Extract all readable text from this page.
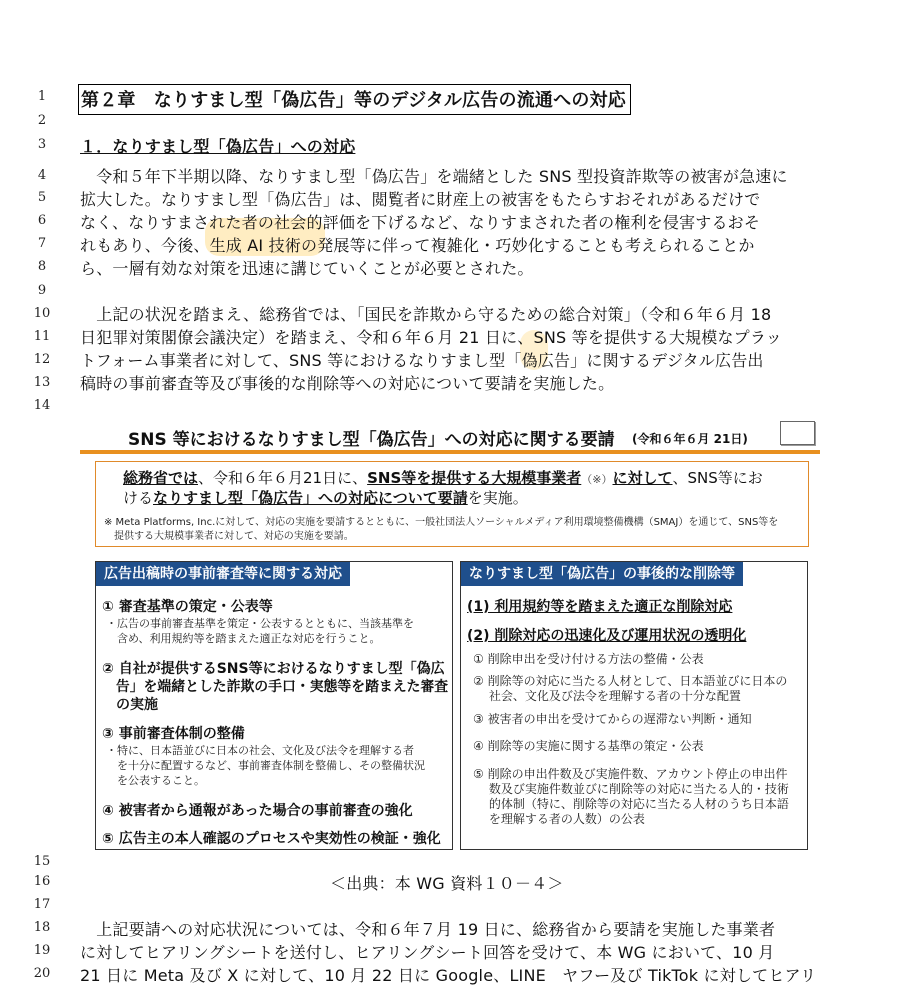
1
2
3
4
5
6
7
8
9
10
11
12
13
14
15
16
17
18
19
20
第２章　なりすまし型「偽広告」等のデジタル広告の流通への対応
１．なりすまし型「偽広告」への対応
　令和５年下半期以降、なりすまし型「偽広告」を端緒とした SNS 型投資詐欺等の被害が急速に
拡大した。なりすまし型「偽広告」は、閲覧者に財産上の被害をもたらすおそれがあるだけで
なく、なりすまされた者の社会的評価を下げるなど、なりすまされた者の権利を侵害するおそ
れもあり、今後、生成 AI 技術の発展等に伴って複雑化・巧妙化することも考えられることか
ら、一層有効な対策を迅速に講じていくことが必要とされた。
　上記の状況を踏まえ、総務省では、「国民を詐欺から守るための総合対策」（令和６年６月 18
日犯罪対策閣僚会議決定）を踏まえ、令和６年６月 21 日に、SNS 等を提供する大規模なプラッ
トフォーム事業者に対して、SNS 等におけるなりすまし型「偽広告」に関するデジタル広告出
稿時の事前審査等及び事後的な削除等への対応について要請を実施した。
SNS 等におけるなりすまし型「偽広告」への対応に関する要請 (令和６年６月 21日)
総務省では、令和６年６月21日に、SNS等を提供する大規模事業者（※）に対して、SNS等にお
けるなりすまし型「偽広告」への対応について要請を実施。
※ Meta Platforms, Inc.に対して、対応の実施を要請するとともに、一般社団法人ソーシャルメディア利用環境整備機構（SMAJ）を通じて、SNS等を
　提供する大規模事業者に対して、対応の実施を要請。
広告出稿時の事前審査等に関する対応
① 審査基準の策定・公表等
・広告の事前審査基準を策定・公表するとともに、当該基準を
　含め、利用規約等を踏まえた適正な対応を行うこと。
② 自社が提供するSNS等におけるなりすまし型「偽広
　告」を端緒とした詐欺の手口・実態等を踏まえた審査
　の実施
③ 事前審査体制の整備
・特に、日本語並びに日本の社会、文化及び法令を理解する者
　を十分に配置するなど、事前審査体制を整備し、その整備状況
　を公表すること。
④ 被害者から通報があった場合の事前審査の強化
⑤ 広告主の本人確認のプロセスや実効性の検証・強化
なりすまし型「偽広告」の事後的な削除等
(1) 利用規約等を踏まえた適正な削除対応
(2) 削除対応の迅速化及び運用状況の透明化
① 削除申出を受け付ける方法の整備・公表
② 削除等の対応に当たる人材として、日本語並びに日本の
　 社会、文化及び法令を理解する者の十分な配置
③ 被害者の申出を受けてからの遅滞ない判断・通知
④ 削除等の実施に関する基準の策定・公表
⑤ 削除の申出件数及び実施件数、アカウント停止の申出件
　 数及び実施件数並びに削除等の対応に当たる人的・技術
　 的体制（特に、削除等の対応に当たる人材のうち日本語
　 を理解する者の人数）の公表
＜出典：本 WG 資料１０－４＞
　上記要請への対応状況については、令和６年７月 19 日に、総務省から要請を実施した事業者
に対してヒアリングシートを送付し、ヒアリングシート回答を受けて、本 WG において、10 月
21 日に Meta 及び X に対して、10 月 22 日に Google、LINE　ヤフー及び TikTok に対してヒアリ
